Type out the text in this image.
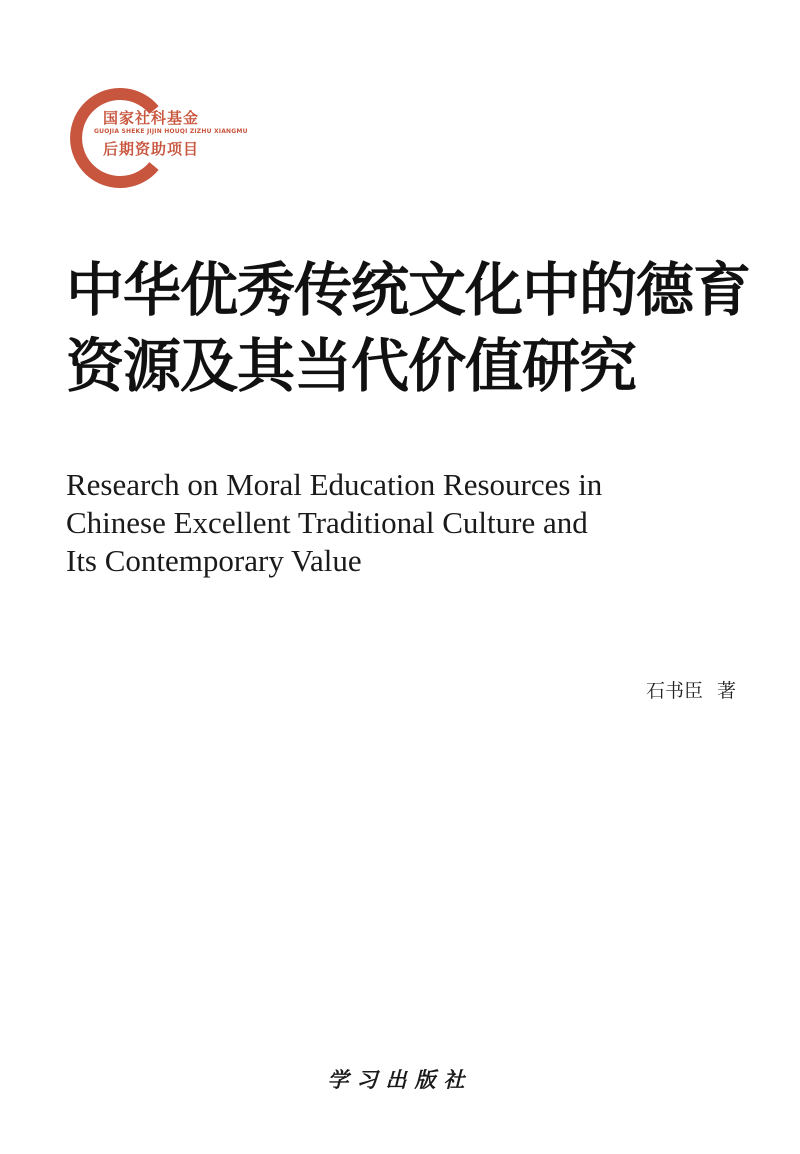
国家社科基金
GUOJIA SHEKE JIJIN HOUQI ZIZHU XIANGMU
后期资助项目
中华优秀传统文化中的德育
资源及其当代价值研究
Research on Moral Education Resources in
Chinese Excellent Traditional Culture and
Its Contemporary Value
石书臣 著
学习出版社
